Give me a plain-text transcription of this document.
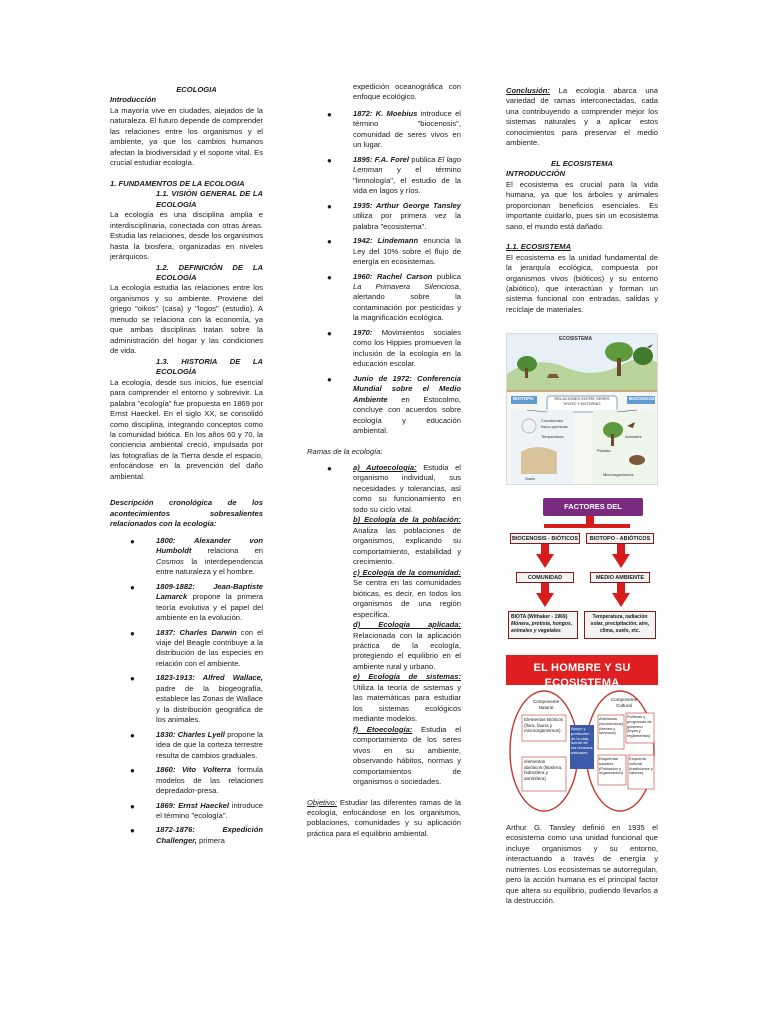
ECOLOGIA
Introducción
La mayoría vive en ciudades, alejados de la naturaleza. El futuro depende de comprender las relaciones entre los organismos y el ambiente, ya que los cambios humanos afectan la biodiversidad y el soporte vital. Es crucial estudiar ecología.
1. FUNDAMENTOS DE LA ECOLOGIA
1.1. VISIÓN GENERAL DE LA ECOLOGÍA
La ecología es una disciplina amplia e interdisciplinaria, conectada con otras áreas. Estudia las relaciones, desde los organismos hasta la biosfera, organizadas en niveles jerárquicos.
1.2. DEFINICIÓN DE LA ECOLOGÍA
La ecología estudia las relaciones entre los organismos y su ambiente. Proviene del griego "oikos" (casa) y "logos" (estudio). A menudo se relaciona con la economía, ya que ambas disciplinas tratan sobre la administración del hogar y las condiciones de vida.
1.3. HISTORIA DE LA ECOLOGÍA
La ecología, desde sus inicios, fue esencial para comprender el entorno y sobrevivir. La palabra "ecología" fue propuesta en 1869 por Ernst Haeckel. En el siglo XX, se consolidó como disciplina, integrando conceptos como la comunidad biótica. En los años 60 y 70, la conciencia ambiental creció, impulsada por las fotografías de la Tierra desde el espacio, enfocándose en la prevención del daño ambiental.
Descripción cronológica de los acontecimientos sobresalientes relacionados con la ecología:
● 1800: Alexander von Humboldt relaciona en Cosmos la interdependencia entre naturaleza y el hombre.
● 1809-1882: Jean-Baptiste Lamarck propone la primera teoría evolutiva y el papel del ambiente en la evolución.
● 1837: Charles Darwin con el viaje del Beagle contribuye a la distribución de las especies en relación con el ambiente.
● 1823-1913: Alfred Wallace, padre de la biogeografía, establece las Zonas de Wallace y la distribución geográfica de los animales.
● 1830: Charles Lyell propone la idea de que la corteza terrestre resulta de cambios graduales.
● 1860: Vito Volterra formula modelos de las relaciones depredador-presa.
● 1869: Ernst Haeckel introduce el término "ecología".
● 1872-1876: Expedición Challenger, primera
expedición oceanográfica con enfoque ecológico.
● 1872: K. Moebius introduce el término "biocenosis", comunidad de seres vivos en un lugar.
● 1895: F.A. Forel publica El lago Lemman y el término "limnología", el estudio de la vida en lagos y ríos.
● 1935: Arthur George Tansley utiliza por primera vez la palabra "ecosistema".
● 1942: Lindemann enuncia la Ley del 10% sobre el flujo de energía en ecosistemas.
● 1960: Rachel Carson publica La Primavera Silenciosa, alertando sobre la contaminación por pesticidas y la magnificación ecológica.
● 1970: Movimientos sociales como los Hippies promueven la inclusión de la ecología en la educación escolar.
● Junio de 1972: Conferencia Mundial sobre el Medio Ambiente en Estocolmo, concluye con acuerdos sobre ecología y educación ambiental.
Ramas de la ecología:
● a) Autoecología: Estudia el organismo individual, sus necesidades y tolerancias, así como su funcionamiento en todo su ciclo vital.
b) Ecología de la población: Analiza las poblaciones de organismos, explicando su comportamiento, estabilidad y crecimiento.
c) Ecología de la comunidad: Se centra en las comunidades bióticas, es decir, en todos los organismos de una región específica.
d) Ecología aplicada: Relacionada con la aplicación práctica de la ecología, protegiendo el equilibrio en el ambiente rural y urbano.
e) Ecología de sistemas: Utiliza la teoría de sistemas y las matemáticas para estudiar los sistemas ecológicos mediante modelos.
f) Etoecología: Estudia el comportamiento de los seres vivos en su ambiente, observando hábitos, normas y comportamientos de organismos o sociedades.
Objetivo: Estudiar las diferentes ramas de la ecología, enfocándose en los organismos, poblaciones, comunidades y su aplicación práctica para el equilibrio ambiental.
Conclusión: La ecología abarca una variedad de ramas interconectadas, cada una contribuyendo a comprender mejor los sistemas naturales y a aplicar estos conocimientos para preservar el medio ambiente.
EL ECOSISTEMA
INTRODUCCIÓN
El ecosistema es crucial para la vida humana, ya que los árboles y animales proporcionan beneficios esenciales. Es importante cuidarlo, pues sin un ecosistema sano, el mundo está dañado.
1.1. ECOSISTEMA
El ecosistema es la unidad fundamental de la jerarquía ecológica, compuesta por organismos vivos (bióticos) y su entorno (abiótico), que interactúan y forman un sistema funcional con entradas, salidas y reciclaje de materiales.
ECOSISTEMA
BIOTOPO	RELACIONES ENTRE SERES VIVOS Y ENTORNO
BIOCENOSIS
Condiciones
físico-químicas
Temperatura
Suelo
Animales
Plantas
Microorganismos
FACTORES DEL
BIOCENOSIS - BIÓTICOS	BIOTOPO - ABIÓTICOS
COMUNIDAD	MEDIO AMBIENTE
BIOTA (Withaker - 1969)
Mónera, protista, hongos, animales y vegetales
Temperatura, radiación solar, precipitación, aire, clima, suelo, etc.
EL HOMBRE Y SU ECOSISTEMA
Componente Natural
Elementos Bióticos (flora, fauna y microorganismos)
elementos abióticos (litosfera, hidrosfera y atmósfera)
Apoyo y protección de la vida, fuente de los recursos naturales
Componente Cultural
Artefactos (económicos) (bienes y servicios)
Políticas y programas de gobierno (leyes y reglamentos)
Esquemas sociales (Población y organización)
Esquema cultural (tradiciones y valores)
Arthur G. Tansley definió en 1935 el ecosistema como una unidad funcional que incluye organismos y su entorno, interactuando a través de energía y nutrientes. Los ecosistemas se autorregulan, pero la acción humana es el principal factor que altera su equilibrio, pudiendo llevarlos a la destrucción.
